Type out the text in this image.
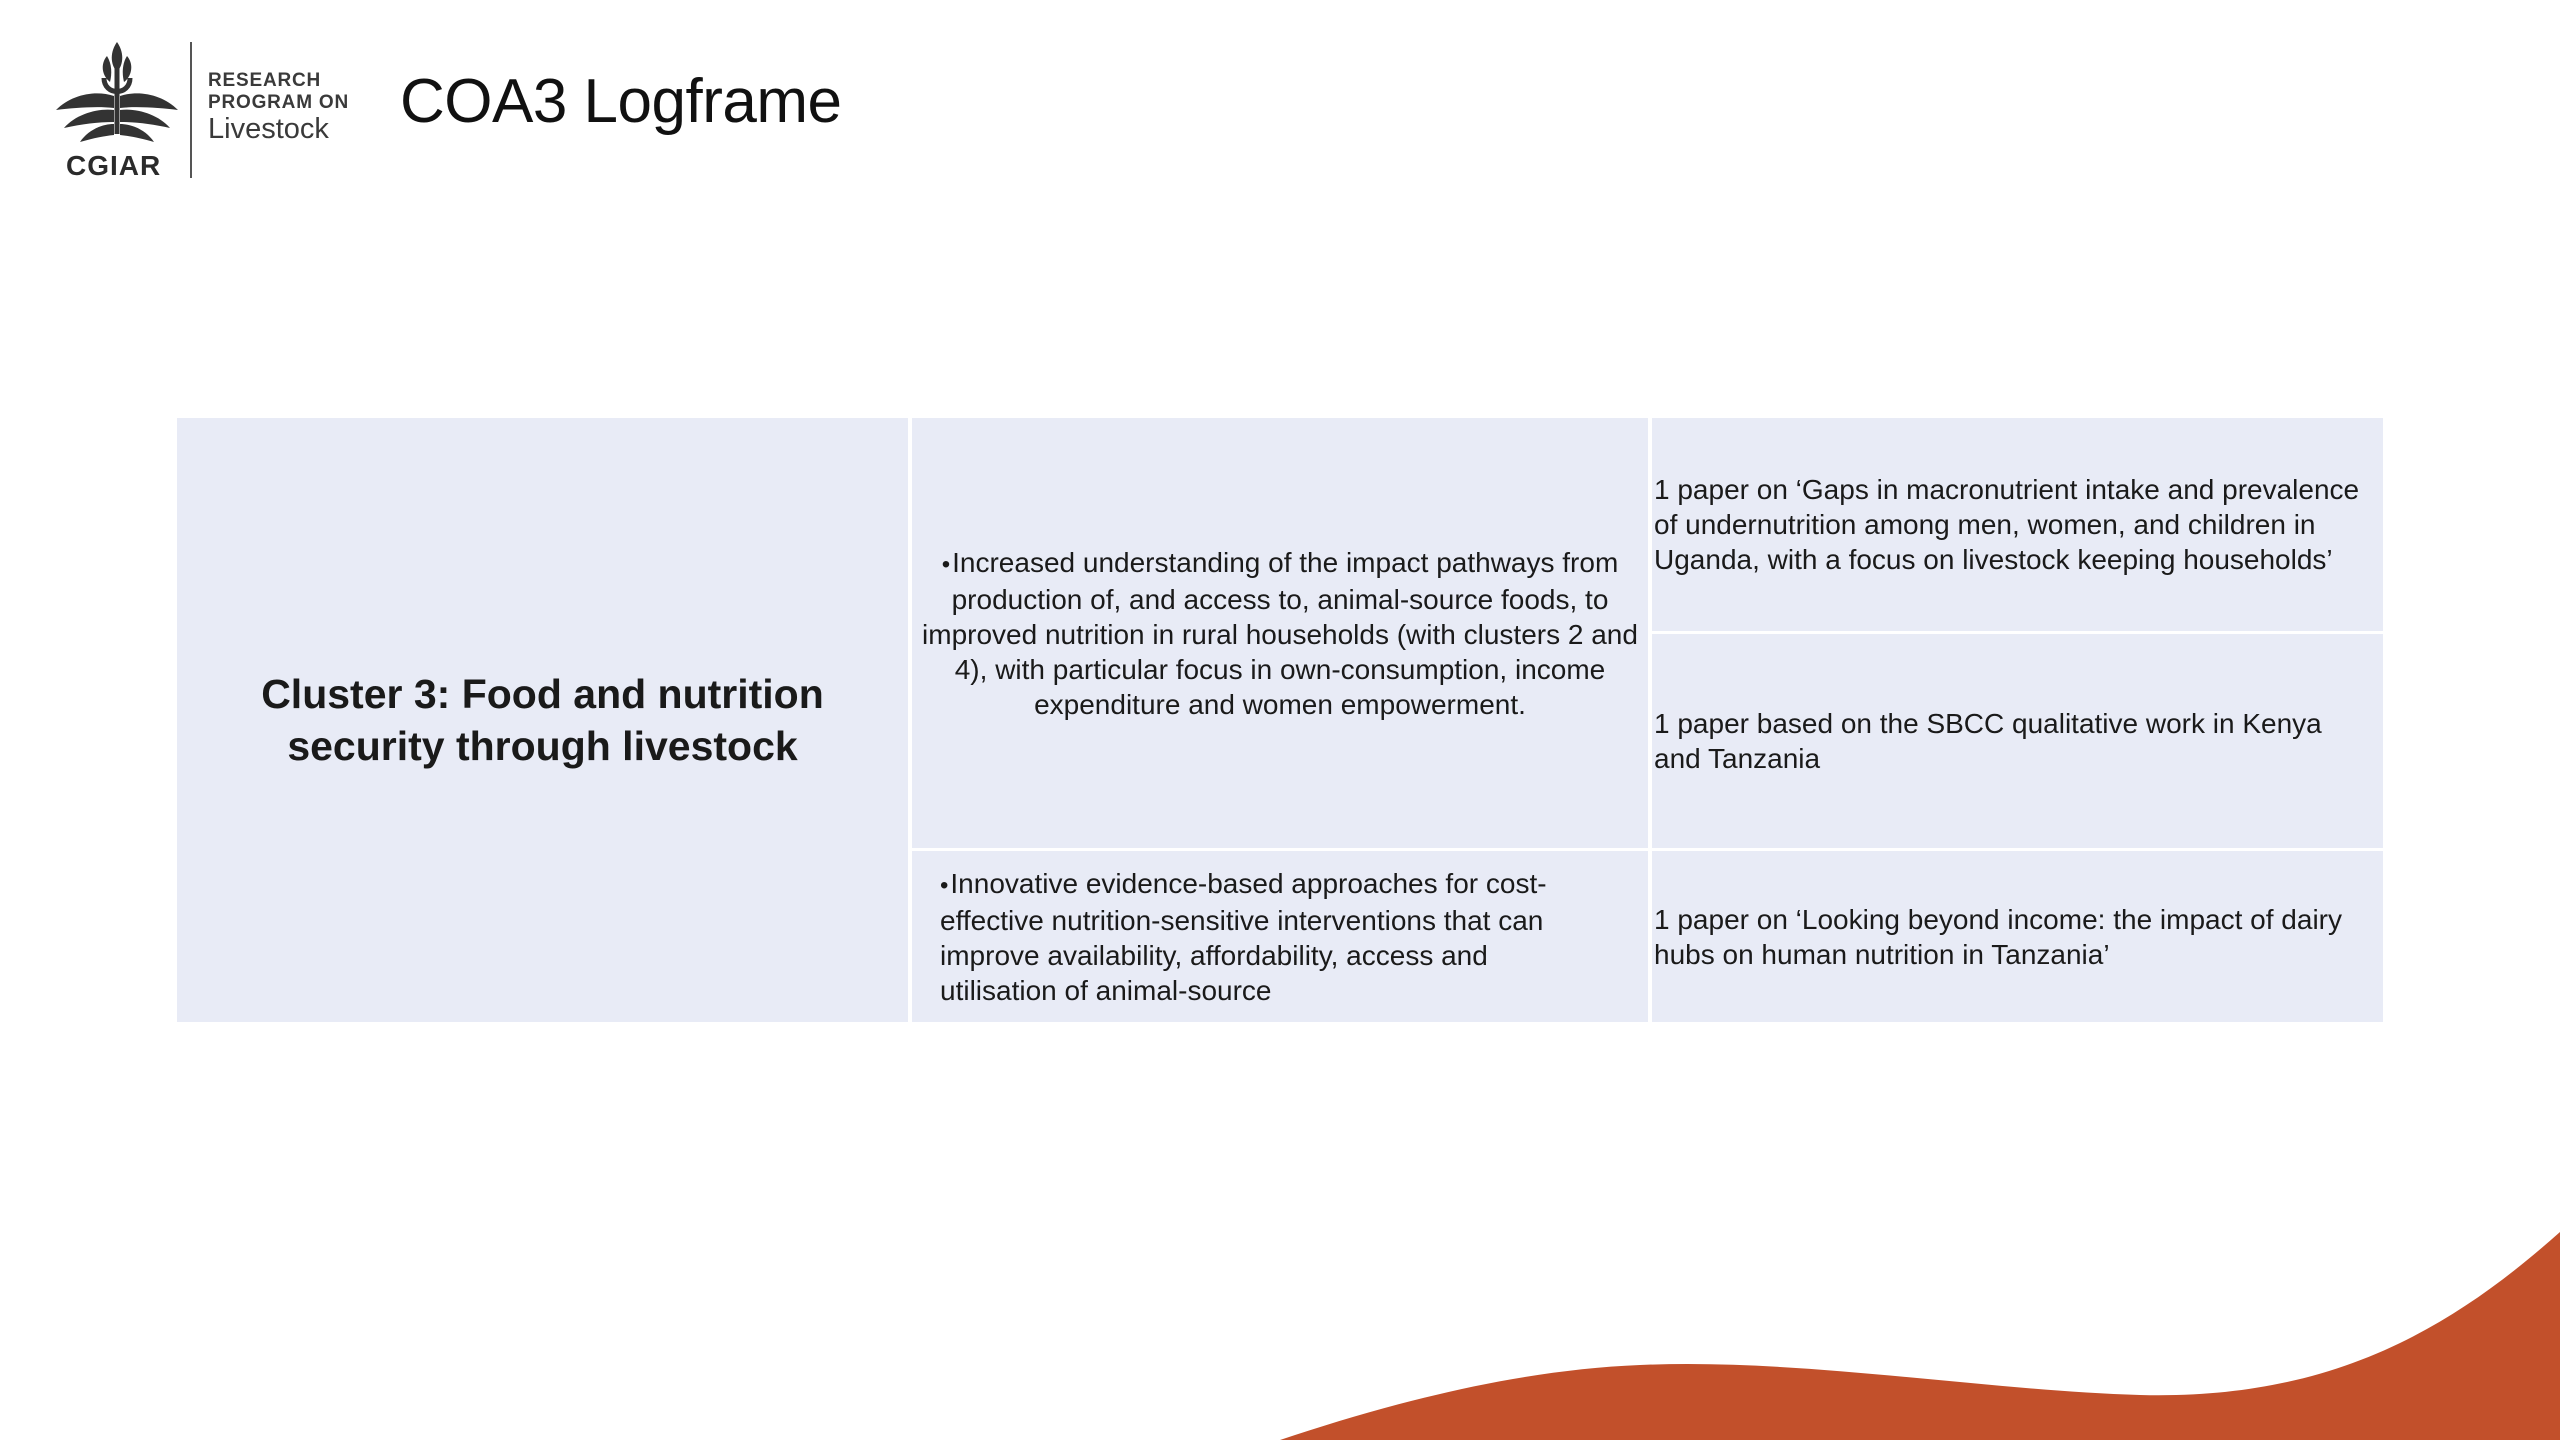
CGIAR
RESEARCH
PROGRAM ON
Livestock	COA3 Logframe
Cluster 3: Food and nutrition security through livestock
•Increased understanding of the impact pathways from production of, and access to, animal-source foods, to improved nutrition in rural households (with clusters 2 and 4), with particular focus in own-consumption, income expenditure and women empowerment.
•Innovative evidence-based approaches for cost-effective nutrition-sensitive interventions that can improve availability, affordability, access and utilisation of animal-source
1 paper on ‘Gaps in macronutrient intake and prevalence of undernutrition among men, women, and children in Uganda, with a focus on livestock keeping households’
1 paper based on the SBCC qualitative work in Kenya and Tanzania
1 paper on ‘Looking beyond income: the impact of dairy hubs on human nutrition in Tanzania’
